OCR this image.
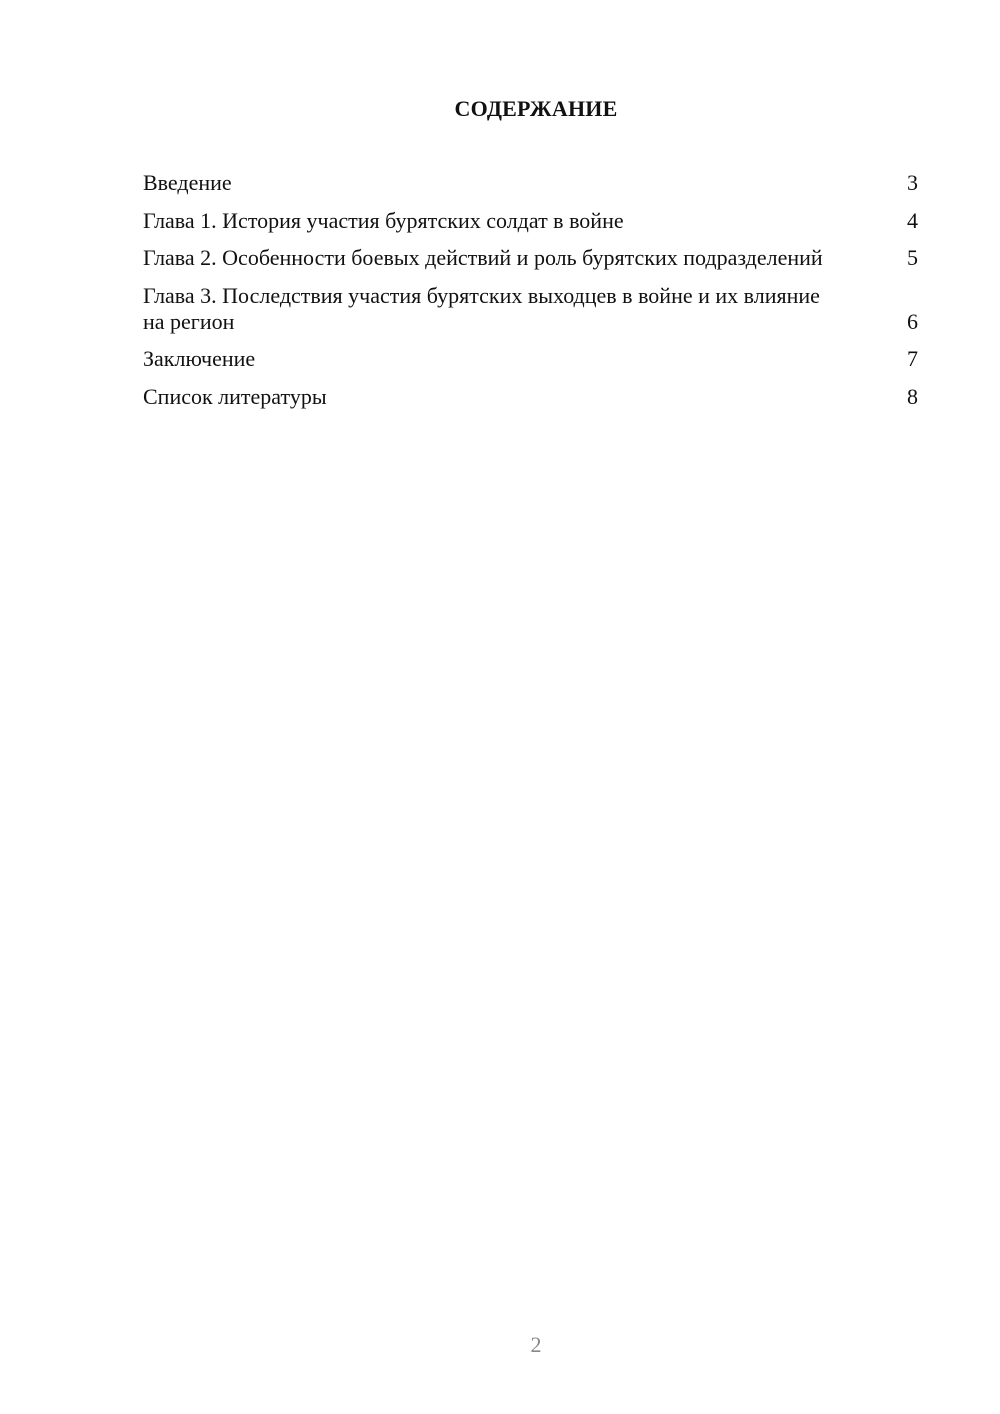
СОДЕРЖАНИЕ
Введение	3
Глава 1. История участия бурятских солдат в войне	4
Глава 2. Особенности боевых действий и роль бурятских подразделений	5
Глава 3. Последствия участия бурятских выходцев в войне и их влияние на регион	6
Заключение	7
Список литературы	8
2
